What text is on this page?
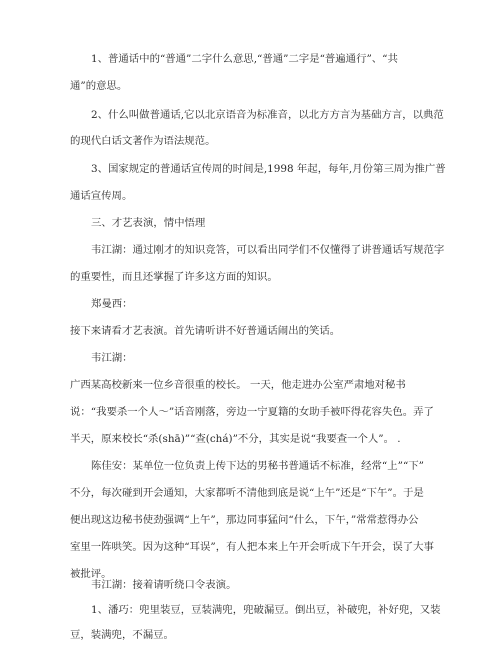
1、普通话中的“普通”二字什么意思,“普通”二字是“普遍通行”、“共
通”的意思。
2、什么叫做普通话,它以北京语音为标准音，以北方方言为基础方言，以典范
的现代白话文著作为语法规范。
3、国家规定的普通话宣传周的时间是,1998 年起，每年,月份第三周为推广普
通话宣传周。
三、才艺表演，情中悟理
韦江湖：通过刚才的知识竞答，可以看出同学们不仅懂得了讲普通话写规范字
的重要性，而且还掌握了许多这方面的知识。
郑曼西：
接下来请看才艺表演。首先请听讲不好普通话闹出的笑话。
韦江湖：
广西某高校新来一位乡音很重的校长。 一天，他走进办公室严肃地对秘书
说：“我要杀一个人～”话音刚落，旁边一宁夏籍的女助手被吓得花容失色。弄了
半天，原来校长“杀(shā)”“查(chá)”不分，其实是说“我要查一个人”。 .
陈佳安：某单位一位负责上传下达的男秘书普通话不标准，经常“上”“下”
不分，每次碰到开会通知，大家都听不清他到底是说“上午”还是“下午”。于是
便出现这边秘书使劲强调“上午”，那边同事猛问“什么，下午，”常常惹得办公
室里一阵哄笑。因为这种“耳误”，有人把本来上午开会听成下午开会，误了大事
被批评。
韦江湖：接着请听绕口令表演。
1、潘巧：兜里装豆，豆装满兜，兜破漏豆。倒出豆，补破兜，补好兜，又装
豆，装满兜，不漏豆。
